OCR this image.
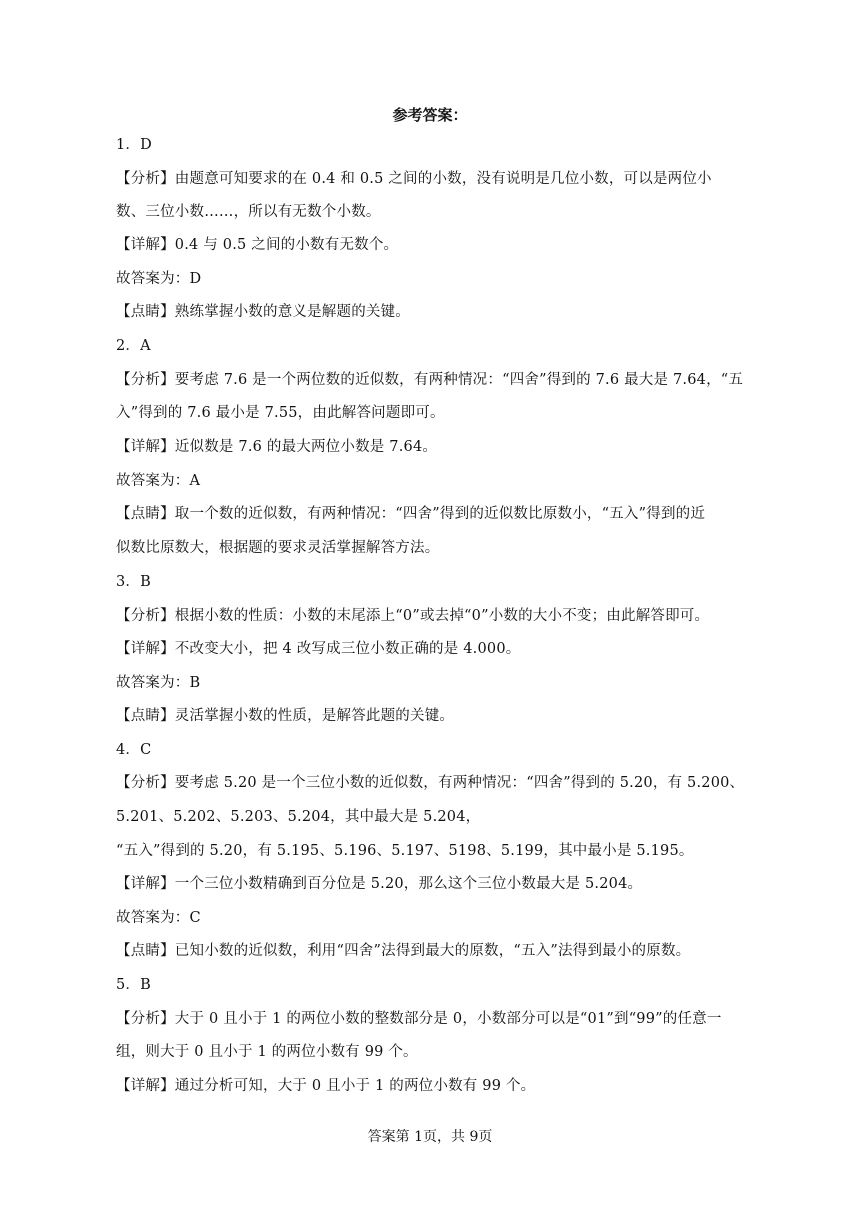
参考答案：
1．D
【分析】由题意可知要求的在 0.4 和 0.5 之间的小数，没有说明是几位小数，可以是两位小
数、三位小数……，所以有无数个小数。
【详解】0.4 与 0.5 之间的小数有无数个。
故答案为：D
【点睛】熟练掌握小数的意义是解题的关键。
2．A
【分析】要考虑 7.6 是一个两位数的近似数，有两种情况：“四舍”得到的 7.6 最大是 7.64，“五
入”得到的 7.6 最小是 7.55，由此解答问题即可。
【详解】近似数是 7.6 的最大两位小数是 7.64。
故答案为：A
【点睛】取一个数的近似数，有两种情况：“四舍”得到的近似数比原数小，“五入”得到的近
似数比原数大，根据题的要求灵活掌握解答方法。
3．B
【分析】根据小数的性质：小数的末尾添上“0”或去掉“0”小数的大小不变；由此解答即可。
【详解】不改变大小，把 4 改写成三位小数正确的是 4.000。
故答案为：B
【点睛】灵活掌握小数的性质，是解答此题的关键。
4．C
【分析】要考虑 5.20 是一个三位小数的近似数，有两种情况：“四舍”得到的 5.20，有 5.200、
5.201、5.202、5.203、5.204，其中最大是 5.204，
“五入”得到的 5.20，有 5.195、5.196、5.197、5198、5.199，其中最小是 5.195。
【详解】一个三位小数精确到百分位是 5.20，那么这个三位小数最大是 5.204。
故答案为：C
【点睛】已知小数的近似数，利用“四舍”法得到最大的原数，“五入”法得到最小的原数。
5．B
【分析】大于 0 且小于 1 的两位小数的整数部分是 0，小数部分可以是“01”到“99”的任意一
组，则大于 0 且小于 1 的两位小数有 99 个。
【详解】通过分析可知，大于 0 且小于 1 的两位小数有 99 个。
答案第 1页，共 9页
